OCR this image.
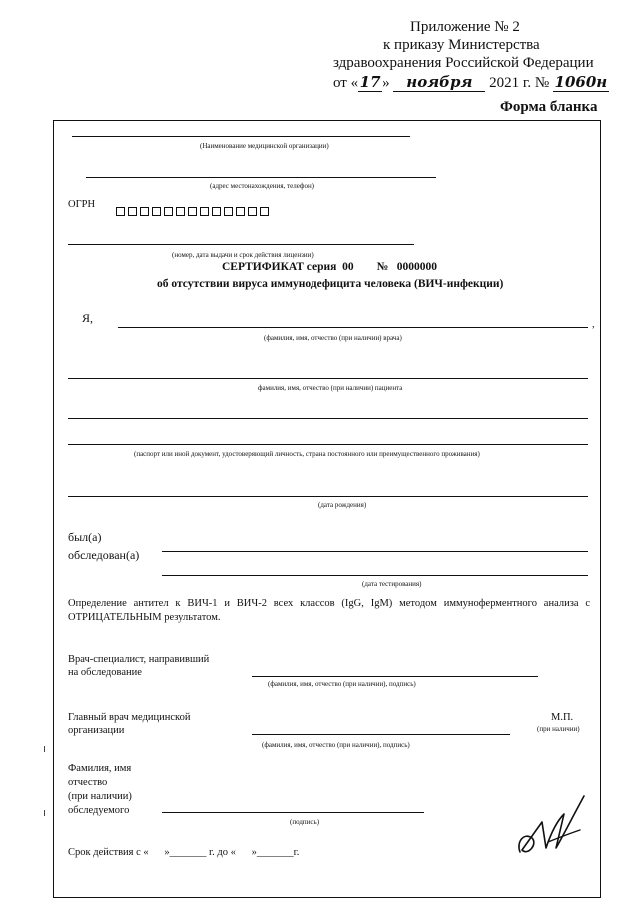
Приложение № 2
к приказу Министерства
здравоохранения Российской Федерации
от « 17 » ноября 2021 г. № 1060н
Форма бланка
(Наименование медицинской организации)
(адрес местонахождения, телефон)
ОГРН
(номер, дата выдачи и срок действия лицензии)
СЕРТИФИКАТ серия  00        №   0000000
об отсутствии вируса иммунодефицита человека (ВИЧ-инфекции)
Я,	,
(фамилия, имя, отчество (при наличии) врача)
фамилия, имя, отчество (при наличии) пациента
(паспорт или иной документ, удостоверяющий личность, страна постоянного или преимущественного проживания)
(дата рождения)
был(а)
обследован(а)
(дата тестирования)
Определение антител к ВИЧ-1 и ВИЧ-2 всех классов (IgG, IgM) методом иммуноферментного анализа с ОТРИЦАТЕЛЬНЫМ результатом.
Врач-специалист, направивший
на обследование
(фамилия, имя, отчество (при наличии), подпись)
Главный врач медицинской
организации
(фамилия, имя, отчество (при наличии), подпись)
М.П.
(при наличии)
Фамилия, имя
отчество
(при наличии)
обследуемого
(подпись)
Срок действия с «      »_______ г. до «      »_______г.
